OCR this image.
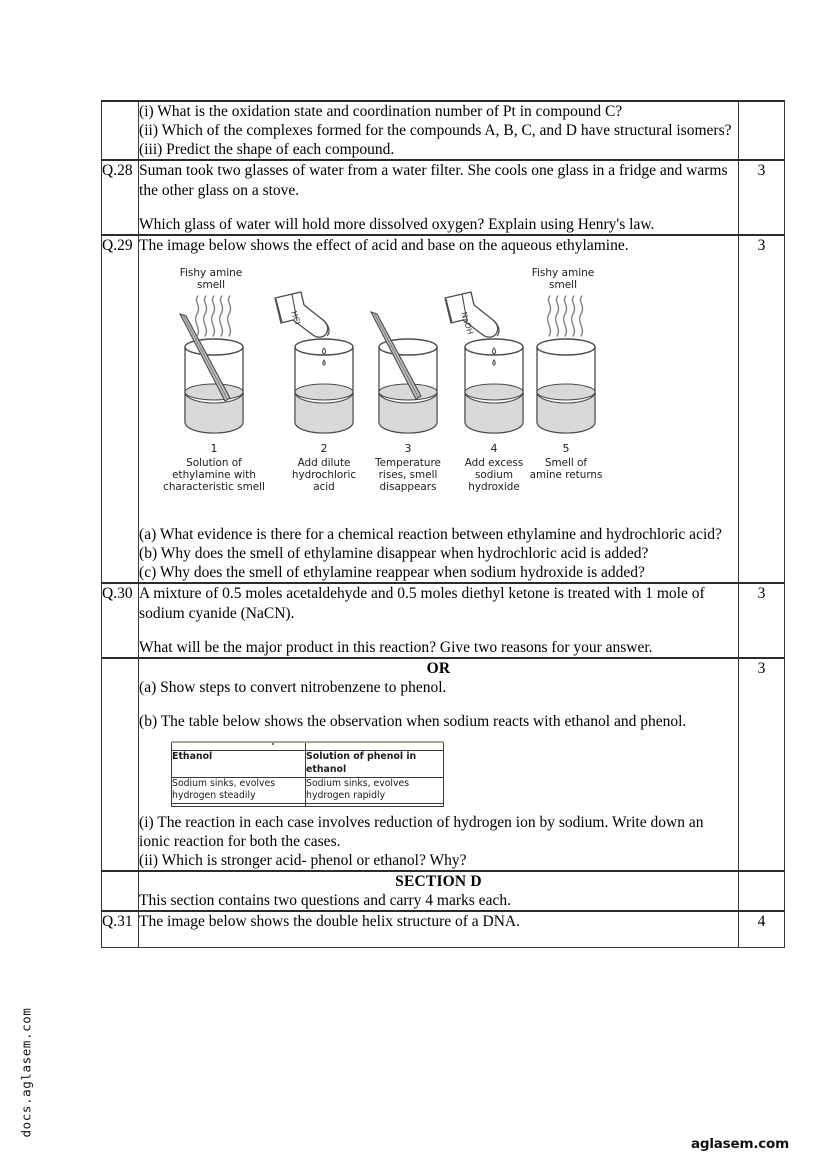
docs.aglasem.com
aglasem.com

(i) What is the oxidation state and coordination number of Pt in compound C?

(ii) Which of the complexes formed for the compounds A, B, C, and D have structural isomers?

(iii) Predict the shape of each compound.

Q.28	Suman took two glasses of water from a water filter. She cools one glass in a fridge and warms the other glass on a stove.

Which glass of water will hold more dissolved oxygen? Explain using Henry's law.

	3
Q.29	The image below shows the effect of acid and base on the aqueous ethylamine.

Fishy amine
smell
HCl	NaOH
Fishy amine
smell
1	2	3	4	5
Solution of
ethylamine with
characteristic smell
Add dilute
hydrochloric
acid
Temperature
rises, smell
disappears
Add excess
sodium
hydroxide
Smell of
amine returns

(a) What evidence is there for a chemical reaction between ethylamine and hydrochloric acid?

(b) Why does the smell of ethylamine disappear when hydrochloric acid is added?

(c) Why does the smell of ethylamine reappear when sodium hydroxide is added?

	3
Q.30	A mixture of 0.5 moles acetaldehyde and 0.5 moles diethyl ketone is treated with 1 mole of sodium cyanide (NaCN).

What will be the major product in this reaction? Give two reasons for your answer.

	3

OR

(a) Show steps to convert nitrobenzene to phenol.

(b) The table below shows the observation when sodium reacts with ethanol and phenol.

Ethanol	Solution of phenol in ethanol
Sodium sinks, evolves hydrogen steadily	Sodium sinks, evolves hydrogen rapidly

(i) The reaction in each case involves reduction of hydrogen ion by sodium. Write down an ionic reaction for both the cases.

(ii) Which is stronger acid- phenol or ethanol? Why?

	3

SECTION D

This section contains two questions and carry 4 marks each.

Q.31	The image below shows the double helix structure of a DNA.	4
